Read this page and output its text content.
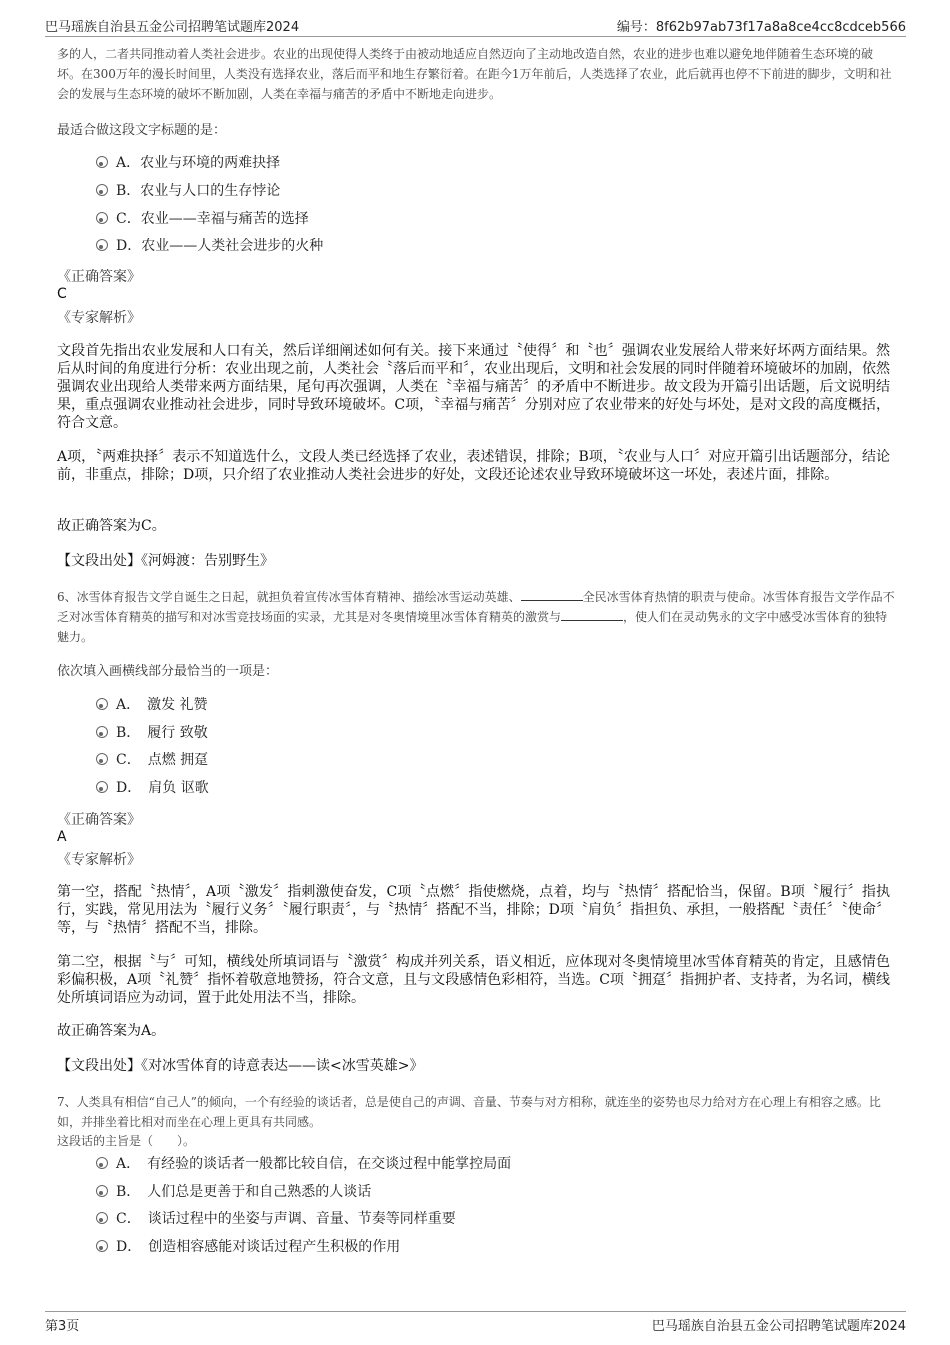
巴马瑶族自治县五金公司招聘笔试题库2024	编号：8f62b97ab73f17a8a8ce4cc8cdceb566
多的人，二者共同推动着人类社会进步。农业的出现使得人类终于由被动地适应自然迈向了主动地改造自然，农业的进步也难以避免地伴随着生态环境的破坏。在300万年的漫长时间里，人类没有选择农业，落后而平和地生存繁衍着。在距今1万年前后，人类选择了农业，此后就再也停不下前进的脚步，文明和社会的发展与生态环境的破坏不断加剧，人类在幸福与痛苦的矛盾中不断地走向进步。
最适合做这段文字标题的是：
A．农业与环境的两难抉择
B．农业与人口的生存悖论
C．农业——幸福与痛苦的选择
D．农业——人类社会进步的火种
《正确答案》
C
《专家解析》
文段首先指出农业发展和人口有关，然后详细阐述如何有关。接下来通过〝使得〞和〝也〞强调农业发展给人带来好坏两方面结果。然后从时间的角度进行分析：农业出现之前，人类社会〝落后而平和〞，农业出现后，文明和社会发展的同时伴随着环境破坏的加剧，依然强调农业出现给人类带来两方面结果，尾句再次强调，人类在〝幸福与痛苦〞的矛盾中不断进步。故文段为开篇引出话题，后文说明结果，重点强调农业推动社会进步，同时导致环境破坏。C项，〝幸福与痛苦〞分别对应了农业带来的好处与坏处，是对文段的高度概括，符合文意。
A项，〝两难抉择〞表示不知道选什么，文段人类已经选择了农业，表述错误，排除；B项，〝农业与人口〞对应开篇引出话题部分，结论前，非重点，排除；D项，只介绍了农业推动人类社会进步的好处，文段还论述农业导致环境破坏这一坏处，表述片面，排除。
故正确答案为C。
【文段出处】《河姆渡：告别野生》
6、冰雪体育报告文学自诞生之日起，就担负着宣传冰雪体育精神、描绘冰雪运动英雄、	全民冰雪体育热情的职责与使命。冰雪体育报告文学作品不乏对冰雪体育精英的描写和对冰雪竞技场面的实录，尤其是对冬奥情境里冰雪体育精英的激赏与	，使人们在灵动隽永的文字中感受冰雪体育的独特魅力。
依次填入画横线部分最恰当的一项是：
A．　激发 礼赞
B．　履行 致敬
C．　点燃 拥趸
D．　肩负 讴歌
《正确答案》
A
《专家解析》
第一空，搭配〝热情〞，A项〝激发〞指刺激使奋发，C项〝点燃〞指使燃烧，点着，均与〝热情〞搭配恰当，保留。B项〝履行〞指执行，实践，常见用法为〝履行义务〞〝履行职责〞，与〝热情〞搭配不当，排除；D项〝肩负〞指担负、承担，一般搭配〝责任〞〝使命〞等，与〝热情〞搭配不当，排除。
第二空，根据〝与〞可知，横线处所填词语与〝激赏〞构成并列关系，语义相近，应体现对冬奥情境里冰雪体育精英的肯定，且感情色彩偏积极，A项〝礼赞〞指怀着敬意地赞扬，符合文意，且与文段感情色彩相符，当选。C项〝拥趸〞指拥护者、支持者，为名词，横线处所填词语应为动词，置于此处用法不当，排除。
故正确答案为A。
【文段出处】《对冰雪体育的诗意表达——读<冰雪英雄>》
7、人类具有相信“自己人”的倾向，一个有经验的谈话者，总是使自己的声调、音量、节奏与对方相称，就连坐的姿势也尽力给对方在心理上有相容之感。比如，并排坐着比相对而坐在心理上更具有共同感。
这段话的主旨是（　　）。
A．　有经验的谈话者一般都比较自信，在交谈过程中能掌控局面
B．　人们总是更善于和自己熟悉的人谈话
C．　谈话过程中的坐姿与声调、音量、节奏等同样重要
D．　创造相容感能对谈话过程产生积极的作用
第3页	巴马瑶族自治县五金公司招聘笔试题库2024
